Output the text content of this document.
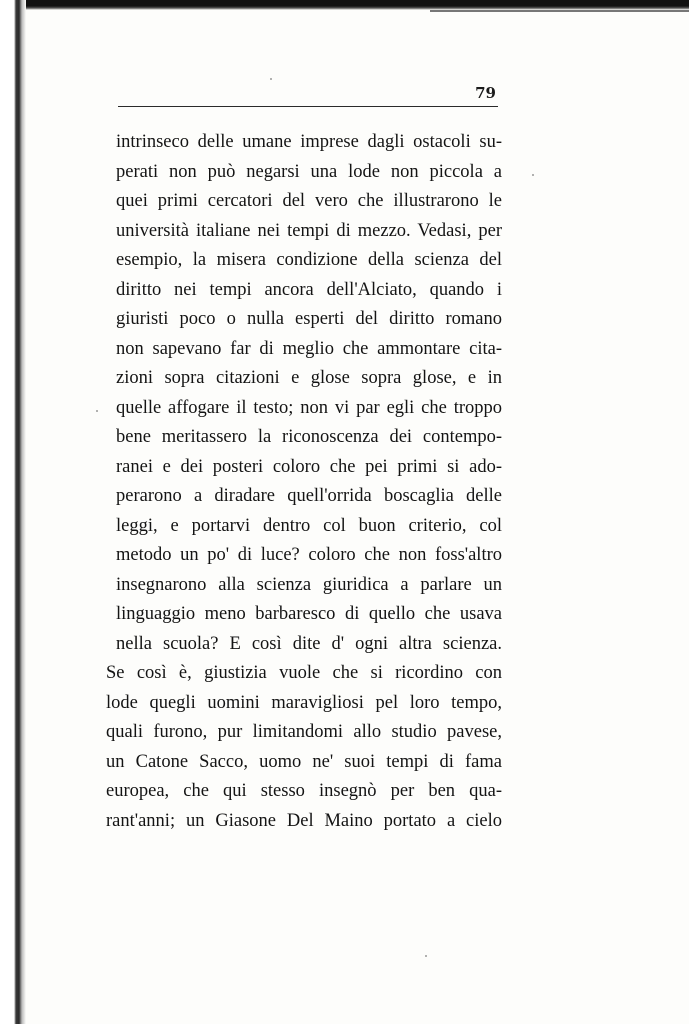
79
intrinseco delle umane imprese dagli ostacoli su-
perati non può negarsi una lode non piccola a
quei primi cercatori del vero che illustrarono le
università italiane nei tempi di mezzo. Vedasi, per
esempio, la misera condizione della scienza del
diritto nei tempi ancora dell'Alciato, quando i
giuristi poco o nulla esperti del diritto romano
non sapevano far di meglio che ammontare cita-
zioni sopra citazioni e glose sopra glose, e in
quelle affogare il testo; non vi par egli che troppo
bene meritassero la riconoscenza dei contempo-
ranei e dei posteri coloro che pei primi si ado-
perarono a diradare quell'orrida boscaglia delle
leggi, e portarvi dentro col buon criterio, col
metodo un po' di luce? coloro che non foss'altro
insegnarono alla scienza giuridica a parlare un
linguaggio meno barbaresco di quello che usava
nella scuola? E così dite d' ogni altra scienza.
Se così è, giustizia vuole che si ricordino con
lode quegli uomini maravigliosi pel loro tempo,
quali furono, pur limitandomi allo studio pavese,
un Catone Sacco, uomo ne' suoi tempi di fama
europea, che qui stesso insegnò per ben qua-
rant'anni; un Giasone Del Maino portato a cielo
